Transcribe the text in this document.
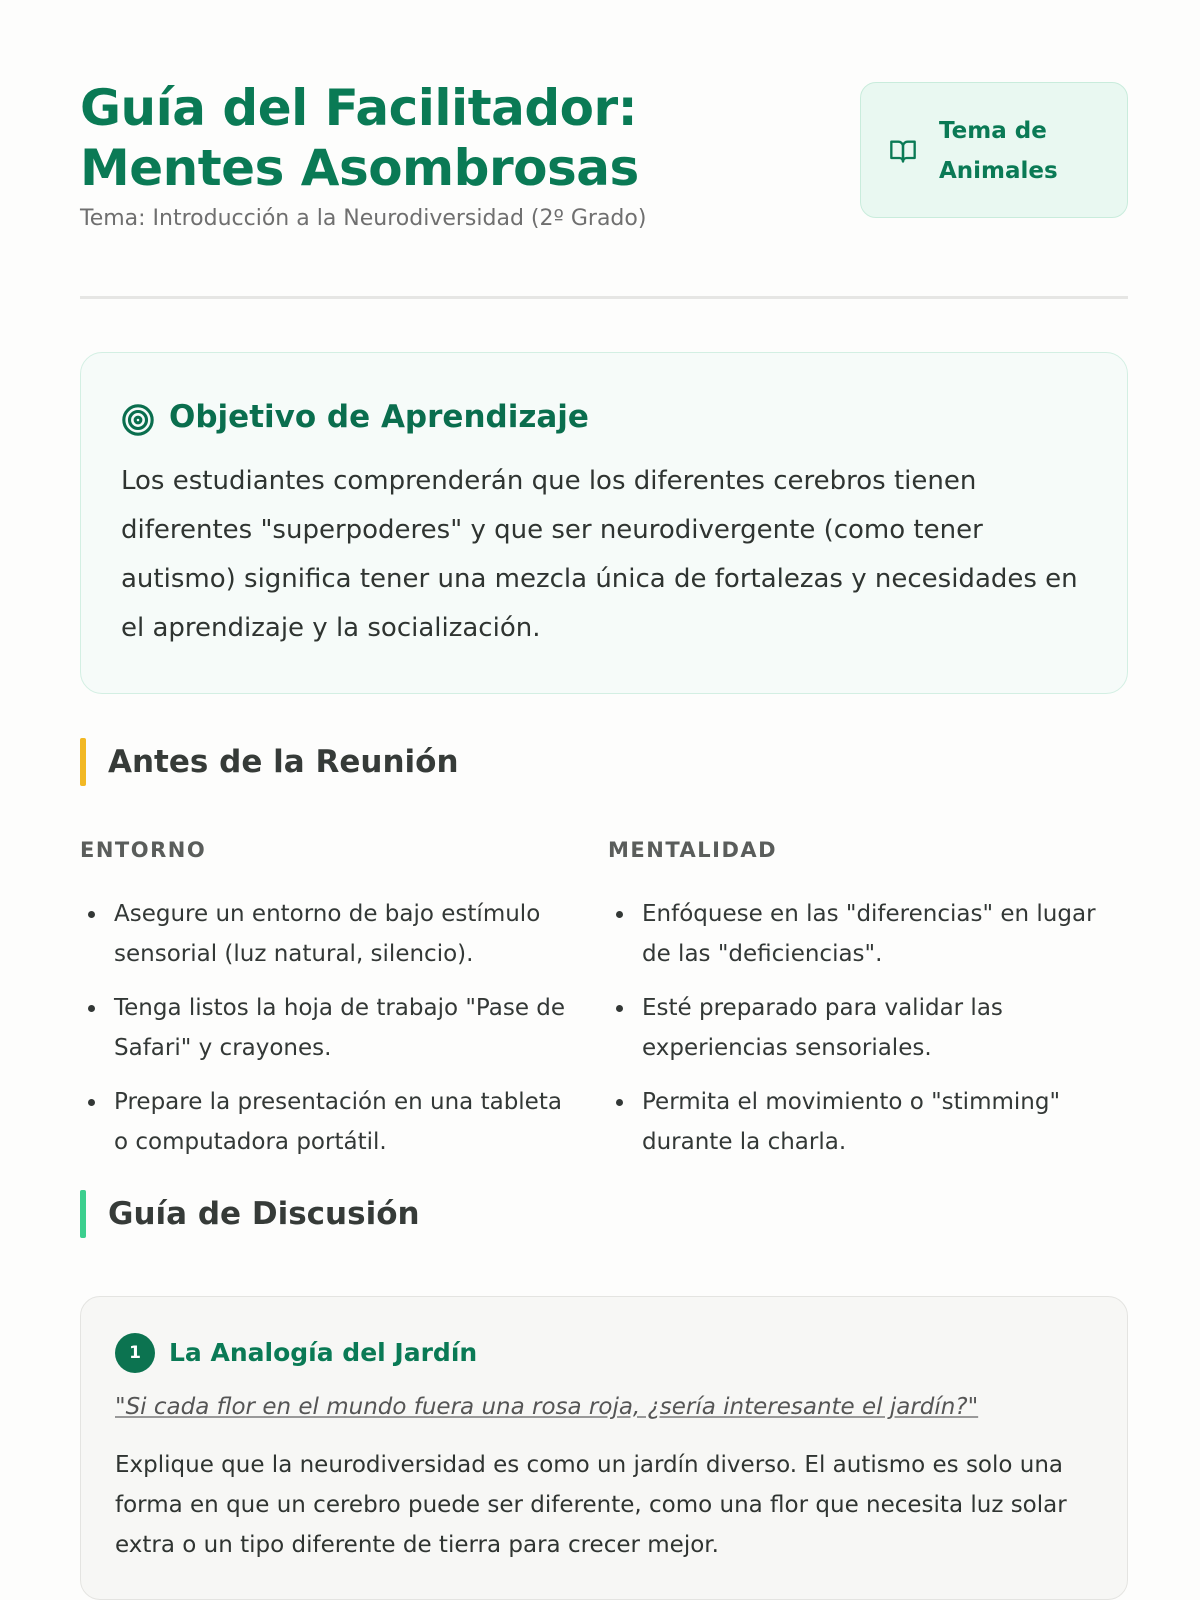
Guía del Facilitador: Mentes Asombrosas
Tema: Introducción a la Neurodiversidad (2º Grado)
Tema de Animales
Objetivo de Aprendizaje

Los estudiantes comprenderán que los diferentes cerebros tienen diferentes "superpoderes" y que ser neurodivergente (como tener autismo) significa tener una mezcla única de fortalezas y necesidades en el aprendizaje y la socialización.

Antes de la Reunión
ENTORNO
Asegure un entorno de bajo estímulo sensorial (luz natural, silencio).
Tenga listos la hoja de trabajo "Pase de Safari" y crayones.
Prepare la presentación en una tableta o computadora portátil.
MENTALIDAD
Enfóquese en las "diferencias" en lugar de las "deficiencias".
Esté preparado para validar las experiencias sensoriales.
Permita el movimiento o "stimming" durante la charla.
Guía de Discusión
1	La Analogía del Jardín
"Si cada flor en el mundo fuera una rosa roja, ¿sería interesante el jardín?"

Explique que la neurodiversidad es como un jardín diverso. El autismo es solo una forma en que un cerebro puede ser diferente, como una flor que necesita luz solar extra o un tipo diferente de tierra para crecer mejor.
